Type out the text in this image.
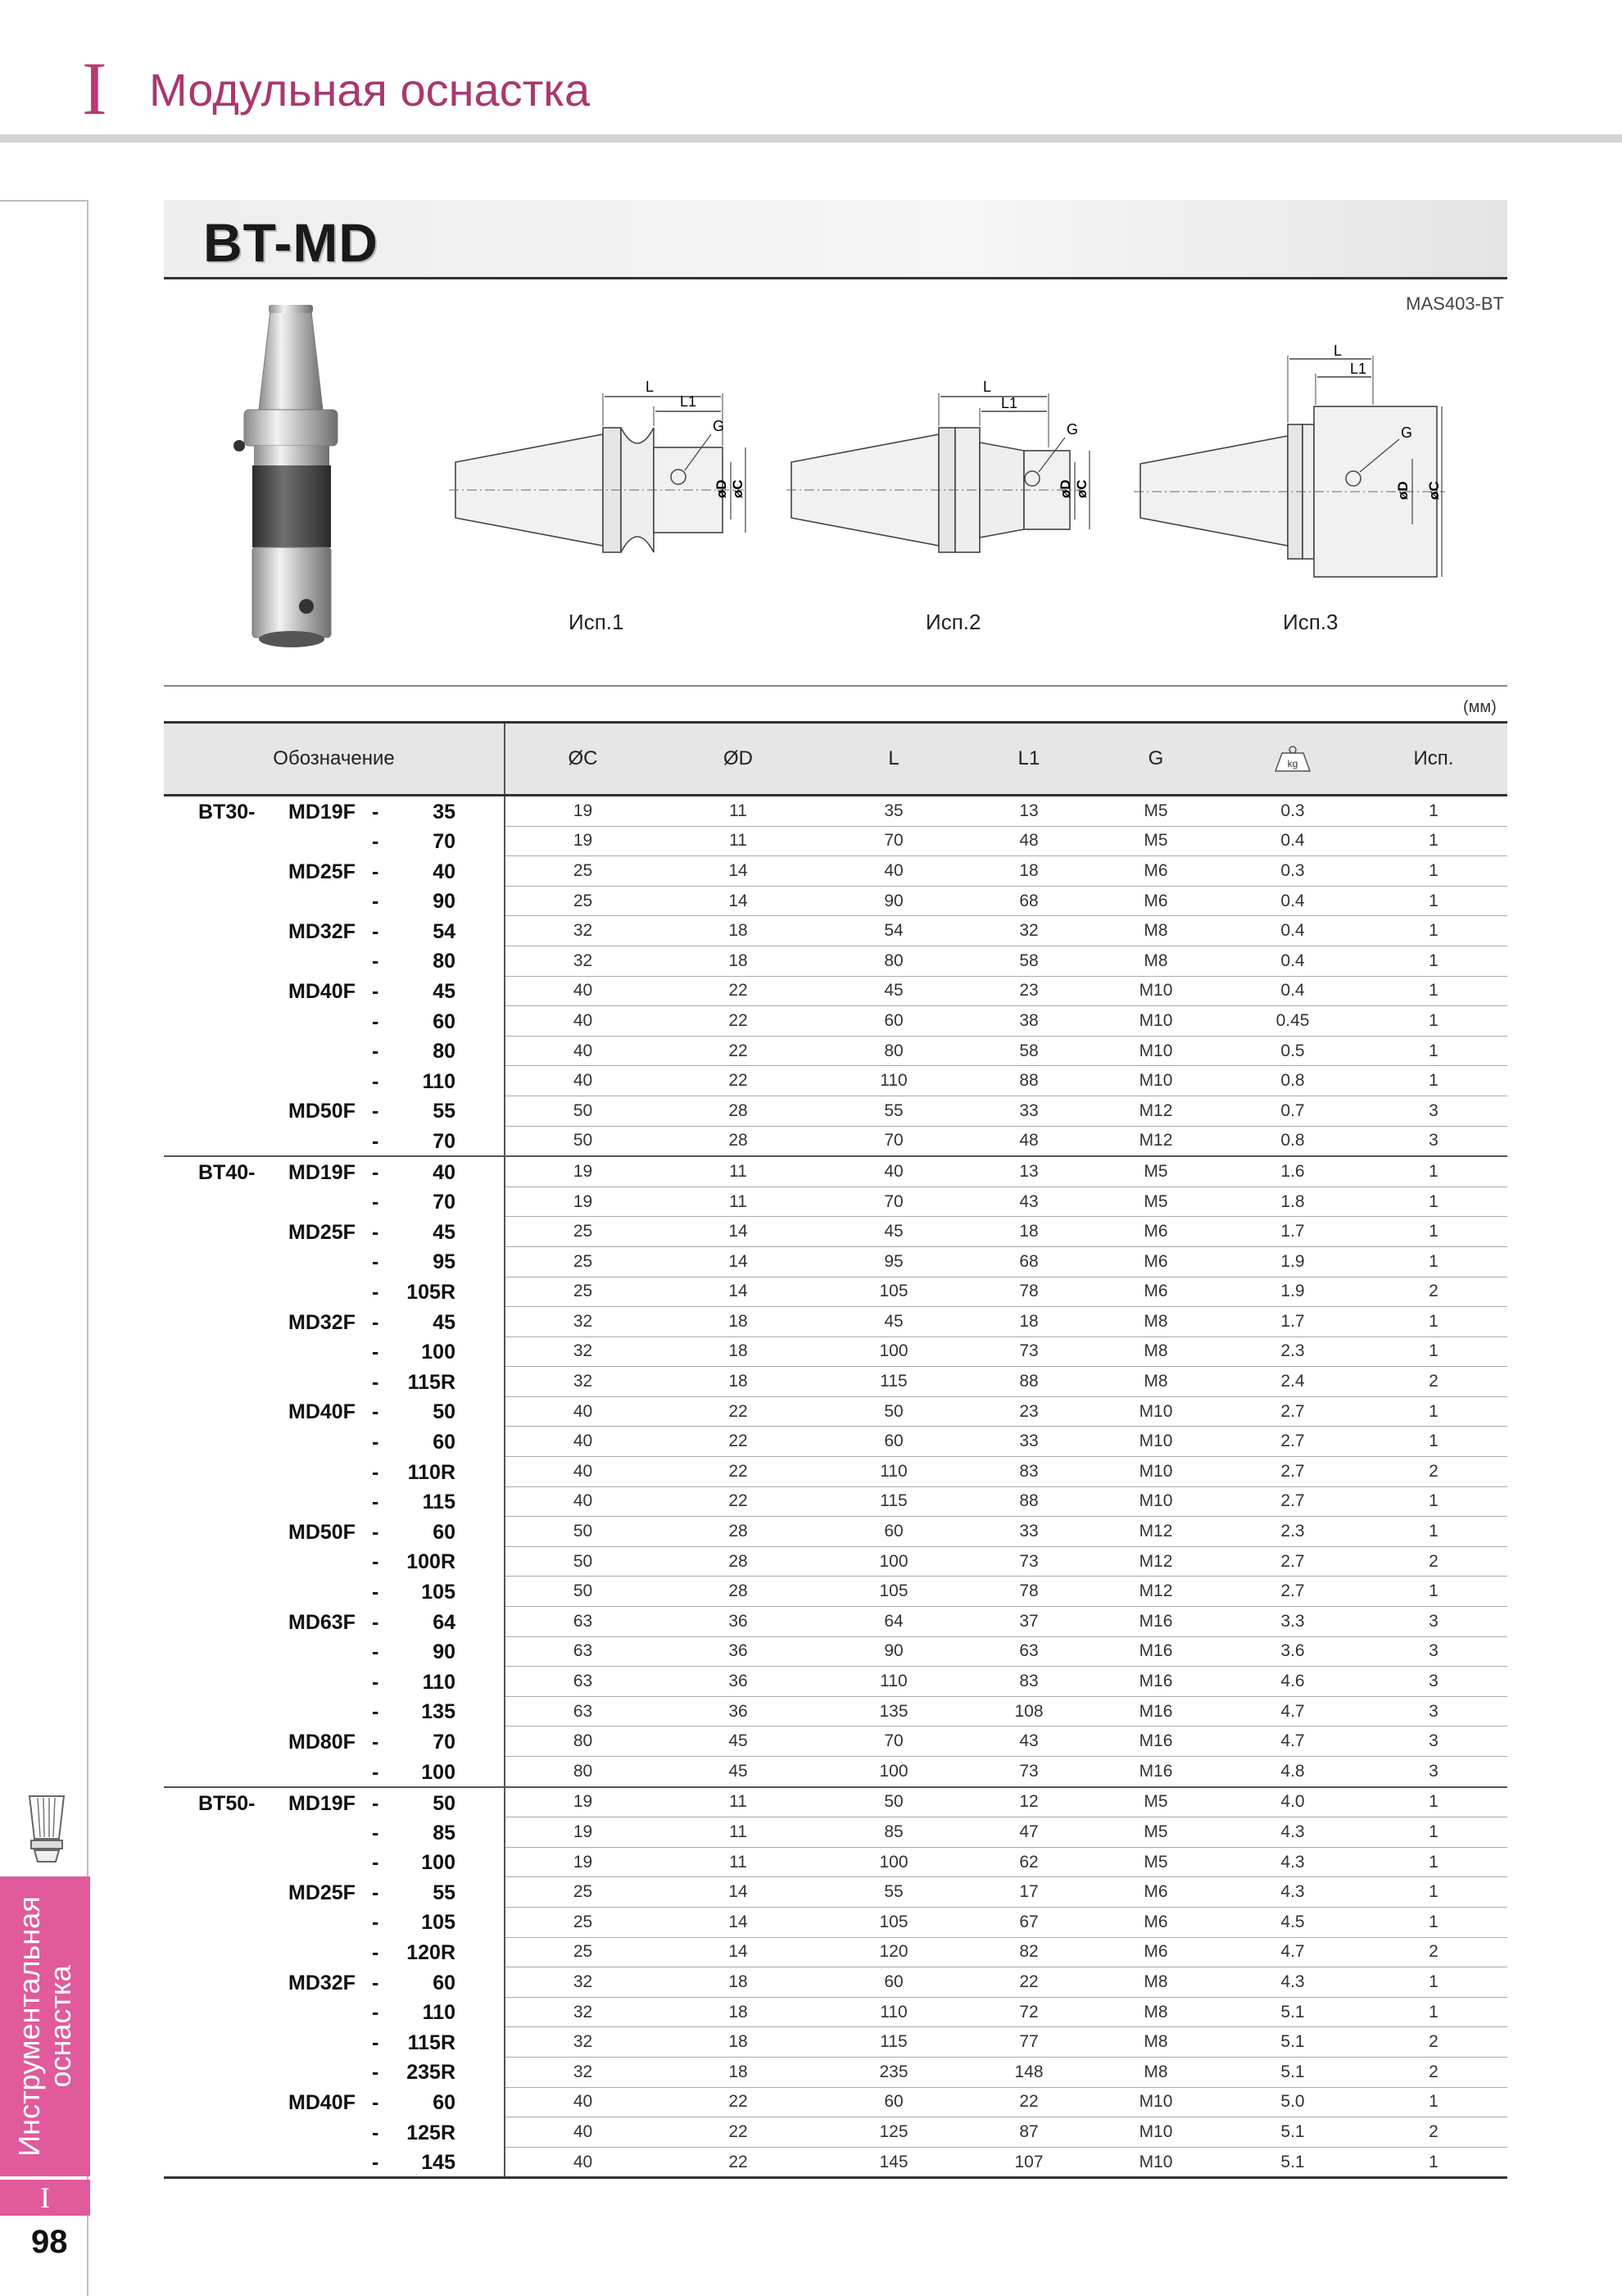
I Модульная оснастка
Инструментальная
оснастка
I
98
BT-MD
MAS403-BT
L
L1
G
øD øC
Исп.1
L
L1
G
øD øC
Исп.2
L
L1
G
øD øC
Исп.3
(мм)
Обозначение	ØC	ØD	L	L1	G	kg	Исп.

BT30- MD19F - 35	19	11	35	13	M5	0.3	1

- 70	19	11	70	48	M5	0.4	1

MD25F - 40	25	14	40	18	M6	0.3	1

- 90	25	14	90	68	M6	0.4	1

MD32F - 54	32	18	54	32	M8	0.4	1

- 80	32	18	80	58	M8	0.4	1

MD40F - 45	40	22	45	23	M10	0.4	1

- 60	40	22	60	38	M10	0.45	1

- 80	40	22	80	58	M10	0.5	1

- 110	40	22	110	88	M10	0.8	1

MD50F - 55	50	28	55	33	M12	0.7	3

- 70	50	28	70	48	M12	0.8	3

BT40- MD19F - 40	19	11	40	13	M5	1.6	1

- 70	19	11	70	43	M5	1.8	1

MD25F - 45	25	14	45	18	M6	1.7	1

- 95	25	14	95	68	M6	1.9	1

- 105R	25	14	105	78	M6	1.9	2

MD32F - 45	32	18	45	18	M8	1.7	1

- 100	32	18	100	73	M8	2.3	1

- 115R	32	18	115	88	M8	2.4	2

MD40F - 50	40	22	50	23	M10	2.7	1

- 60	40	22	60	33	M10	2.7	1

- 110R	40	22	110	83	M10	2.7	2

- 115	40	22	115	88	M10	2.7	1

MD50F - 60	50	28	60	33	M12	2.3	1

- 100R	50	28	100	73	M12	2.7	2

- 105	50	28	105	78	M12	2.7	1

MD63F - 64	63	36	64	37	M16	3.3	3

- 90	63	36	90	63	M16	3.6	3

- 110	63	36	110	83	M16	4.6	3

- 135	63	36	135	108	M16	4.7	3

MD80F - 70	80	45	70	43	M16	4.7	3

- 100	80	45	100	73	M16	4.8	3

BT50- MD19F - 50	19	11	50	12	M5	4.0	1

- 85	19	11	85	47	M5	4.3	1

- 100	19	11	100	62	M5	4.3	1

MD25F - 55	25	14	55	17	M6	4.3	1

- 105	25	14	105	67	M6	4.5	1

- 120R	25	14	120	82	M6	4.7	2

MD32F - 60	32	18	60	22	M8	4.3	1

- 110	32	18	110	72	M8	5.1	1

- 115R	32	18	115	77	M8	5.1	2

- 235R	32	18	235	148	M8	5.1	2

MD40F - 60	40	22	60	22	M10	5.0	1

- 125R	40	22	125	87	M10	5.1	2

- 145	40	22	145	107	M10	5.1	1
